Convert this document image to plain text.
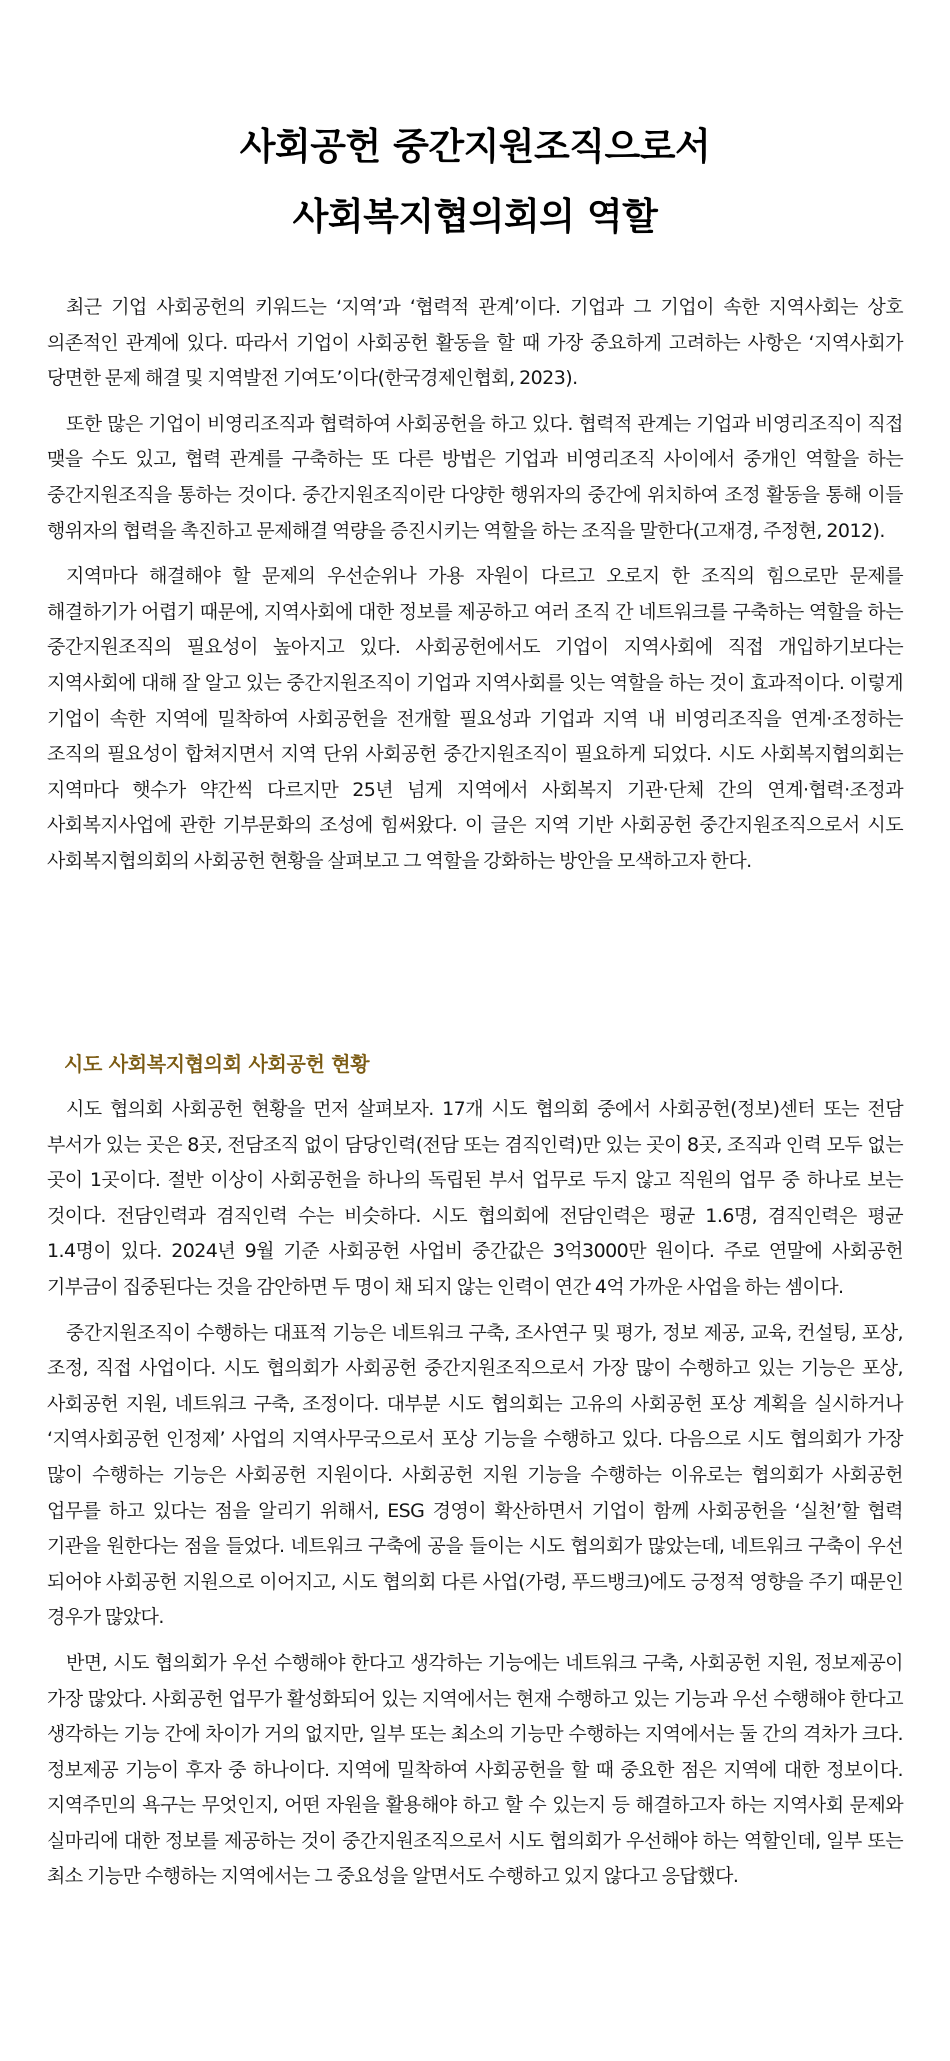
사회공헌 중간지원조직으로서
사회복지협의회의 역할

최근 기업 사회공헌의 키워드는 ‘지역’과 ‘협력적 관계’이다. 기업과 그 기업이 속한 지역사회는 상호 의존적인 관계에 있다. 따라서 기업이 사회공헌 활동을 할 때 가장 중요하게 고려하는 사항은 ‘지역사회가 당면한 문제 해결 및 지역발전 기여도’이다(한국경제인협회, 2023).

또한 많은 기업이 비영리조직과 협력하여 사회공헌을 하고 있다. 협력적 관계는 기업과 비영리조직이 직접 맺을 수도 있고, 협력 관계를 구축하는 또 다른 방법은 기업과 비영리조직 사이에서 중개인 역할을 하는 중간지원조직을 통하는 것이다. 중간지원조직이란 다양한 행위자의 중간에 위치하여 조정 활동을 통해 이들 행위자의 협력을 촉진하고 문제해결 역량을 증진시키는 역할을 하는 조직을 말한다(고재경, 주정현, 2012).

지역마다 해결해야 할 문제의 우선순위나 가용 자원이 다르고 오로지 한 조직의 힘으로만 문제를 해결하기가 어렵기 때문에, 지역사회에 대한 정보를 제공하고 여러 조직 간 네트워크를 구축하는 역할을 하는 중간지원조직의 필요성이 높아지고 있다. 사회공헌에서도 기업이 지역사회에 직접 개입하기보다는 지역사회에 대해 잘 알고 있는 중간지원조직이 기업과 지역사회를 잇는 역할을 하는 것이 효과적이다. 이렇게 기업이 속한 지역에 밀착하여 사회공헌을 전개할 필요성과 기업과 지역 내 비영리조직을 연계·조정하는 조직의 필요성이 합쳐지면서 지역 단위 사회공헌 중간지원조직이 필요하게 되었다. 시도 사회복지협의회는 지역마다 햇수가 약간씩 다르지만 25년 넘게 지역에서 사회복지 기관·단체 간의 연계·협력·조정과 사회복지사업에 관한 기부문화의 조성에 힘써왔다. 이 글은 지역 기반 사회공헌 중간지원조직으로서 시도 사회복지협의회의 사회공헌 현황을 살펴보고 그 역할을 강화하는 방안을 모색하고자 한다.

시도 사회복지협의회 사회공헌 현황

시도 협의회 사회공헌 현황을 먼저 살펴보자. 17개 시도 협의회 중에서 사회공헌(정보)센터 또는 전담 부서가 있는 곳은 8곳, 전담조직 없이 담당인력(전담 또는 겸직인력)만 있는 곳이 8곳, 조직과 인력 모두 없는 곳이 1곳이다. 절반 이상이 사회공헌을 하나의 독립된 부서 업무로 두지 않고 직원의 업무 중 하나로 보는 것이다. 전담인력과 겸직인력 수는 비슷하다. 시도 협의회에 전담인력은 평균 1.6명, 겸직인력은 평균 1.4명이 있다. 2024년 9월 기준 사회공헌 사업비 중간값은 3억3000만 원이다. 주로 연말에 사회공헌 기부금이 집중된다는 것을 감안하면 두 명이 채 되지 않는 인력이 연간 4억 가까운 사업을 하는 셈이다.

중간지원조직이 수행하는 대표적 기능은 네트워크 구축, 조사연구 및 평가, 정보 제공, 교육, 컨설팅, 포상, 조정, 직접 사업이다. 시도 협의회가 사회공헌 중간지원조직으로서 가장 많이 수행하고 있는 기능은 포상, 사회공헌 지원, 네트워크 구축, 조정이다. 대부분 시도 협의회는 고유의 사회공헌 포상 계획을 실시하거나 ‘지역사회공헌 인정제’ 사업의 지역사무국으로서 포상 기능을 수행하고 있다. 다음으로 시도 협의회가 가장 많이 수행하는 기능은 사회공헌 지원이다. 사회공헌 지원 기능을 수행하는 이유로는 협의회가 사회공헌 업무를 하고 있다는 점을 알리기 위해서, ESG 경영이 확산하면서 기업이 함께 사회공헌을 ‘실천’할 협력 기관을 원한다는 점을 들었다. 네트워크 구축에 공을 들이는 시도 협의회가 많았는데, 네트워크 구축이 우선 되어야 사회공헌 지원으로 이어지고, 시도 협의회 다른 사업(가령, 푸드뱅크)에도 긍정적 영향을 주기 때문인 경우가 많았다.

반면, 시도 협의회가 우선 수행해야 한다고 생각하는 기능에는 네트워크 구축, 사회공헌 지원, 정보제공이 가장 많았다. 사회공헌 업무가 활성화되어 있는 지역에서는 현재 수행하고 있는 기능과 우선 수행해야 한다고 생각하는 기능 간에 차이가 거의 없지만, 일부 또는 최소의 기능만 수행하는 지역에서는 둘 간의 격차가 크다. 정보제공 기능이 후자 중 하나이다. 지역에 밀착하여 사회공헌을 할 때 중요한 점은 지역에 대한 정보이다. 지역주민의 욕구는 무엇인지, 어떤 자원을 활용해야 하고 할 수 있는지 등 해결하고자 하는 지역사회 문제와 실마리에 대한 정보를 제공하는 것이 중간지원조직으로서 시도 협의회가 우선해야 하는 역할인데, 일부 또는 최소 기능만 수행하는 지역에서는 그 중요성을 알면서도 수행하고 있지 않다고 응답했다.
